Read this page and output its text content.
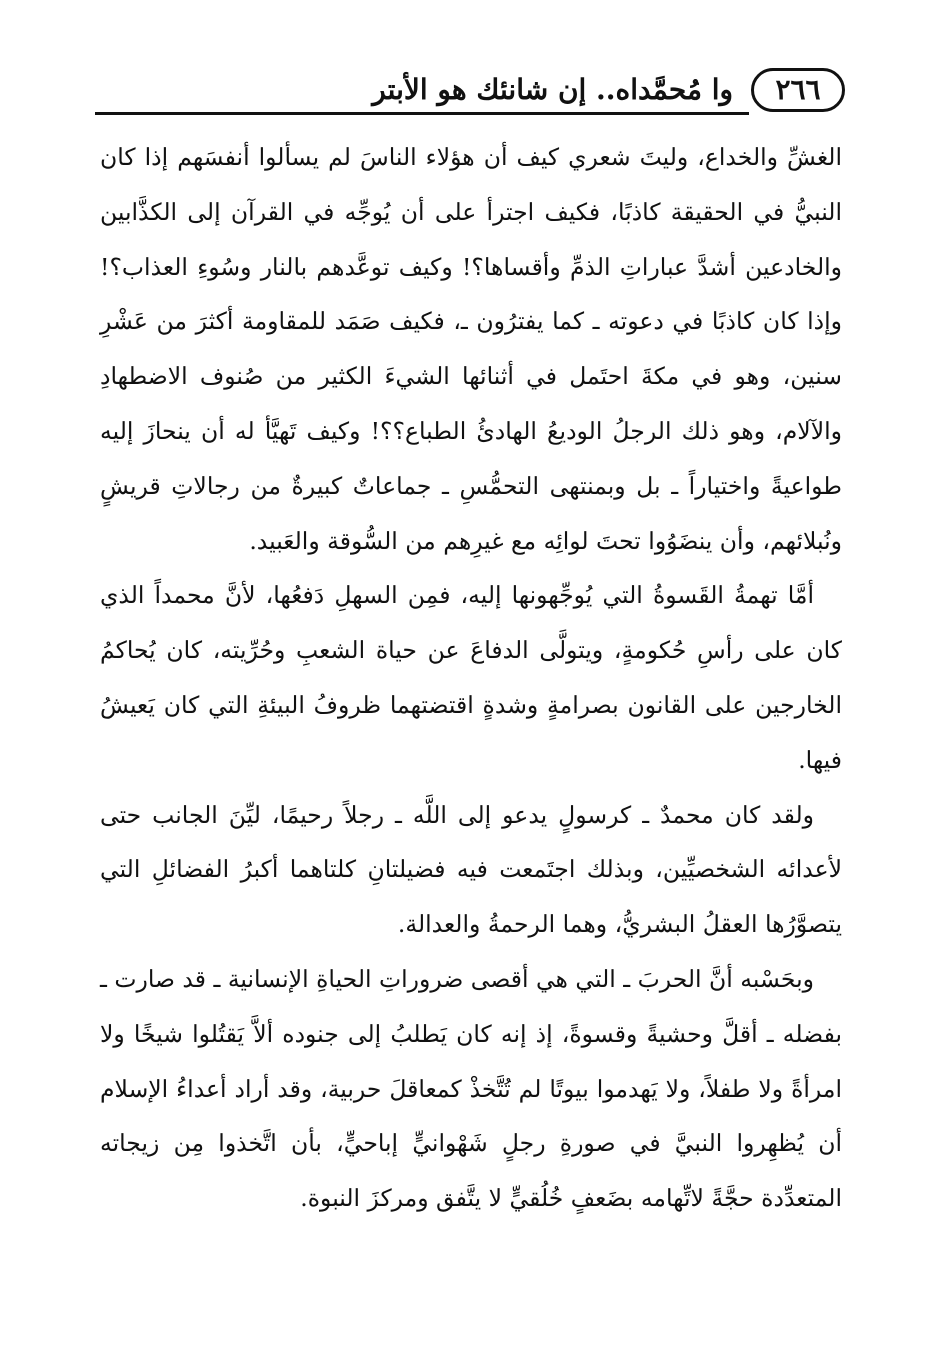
٢٦٦
وا مُحمَّداه.. إن شانئك هو الأبتر

الغشِّ والخداع، وليتَ شعري كيف أن هؤلاء الناسَ لم يسألوا أنفسَهم إذا كان النبيُّ في الحقيقة كاذبًا، فكيف اجترأ على أن يُوجِّه في القرآن إلى الكذَّابين والخادعين أشدَّ عباراتِ الذمِّ وأقساها؟! وكيف توعَّدهم بالنار وسُوءِ العذاب؟! وإذا كان كاذبًا في دعوته ـ كما يفترُون ـ، فكيف صَمَد للمقاومة أكثرَ من عَشْرِ سنين، وهو في مكةَ احتَمل في أثنائها الشيءَ الكثير من صُنوف الاضطهادِ والآلام، وهو ذلك الرجلُ الوديعُ الهادئُ الطباع؟؟! وكيف تَهيَّأ له أن ينحازَ إليه طواعيةً واختياراً ـ بل وبمنتهى التحمُّسِ ـ جماعاتٌ كبيرةٌ من رجالاتِ قريشٍ ونُبلائهم، وأن ينضَوُوا تحتَ لوائِه مع غيرِهم من السُّوقة والعَبيد.

أمَّا تهمةُ القَسوةُ التي يُوجِّهونها إليه، فمِن السهلِ دَفعُها، لأنَّ محمداً الذي كان على رأسِ حُكومةٍ، ويتولَّى الدفاعَ عن حياة الشعبِ وحُرِّيته، كان يُحاكمُ الخارجين على القانون بصرامةٍ وشدةٍ اقتضتهما ظروفُ البيئةِ التي كان يَعيشُ فيها.

ولقد كان محمدٌ ـ كرسولٍ يدعو إلى اللَّه ـ رجلاً رحيمًا، ليِّنَ الجانب حتى لأعدائه الشخصيِّين، وبذلك اجتَمعت فيه فضيلتانِ كلتاهما أكبرُ الفضائلِ التي يتصوَّرُها العقلُ البشريُّ، وهما الرحمةُ والعدالة.

وبحَسْبه أنَّ الحربَ ـ التي هي أقصى ضروراتِ الحياةِ الإنسانية ـ قد صارت ـ بفضله ـ أقلَّ وحشيةً وقسوةً، إذ إنه كان يَطلبُ إلى جنوده ألاَّ يَقتُلوا شيخًا ولا امرأةً ولا طفلاً، ولا يَهدموا بيوتًا لم تُتَّخذْ كمعاقلَ حربية، وقد أراد أعداءُ الإسلام أن يُظهِروا النبيَّ في صورةِ رجلٍ شَهْوانيٍّ إباحيٍّ، بأن اتَّخذوا مِن زيجاته المتعدِّدة حجَّةً لاتِّهامه بضَعفٍ خُلُقيٍّ لا يتَّفق ومركزَ النبوة.
